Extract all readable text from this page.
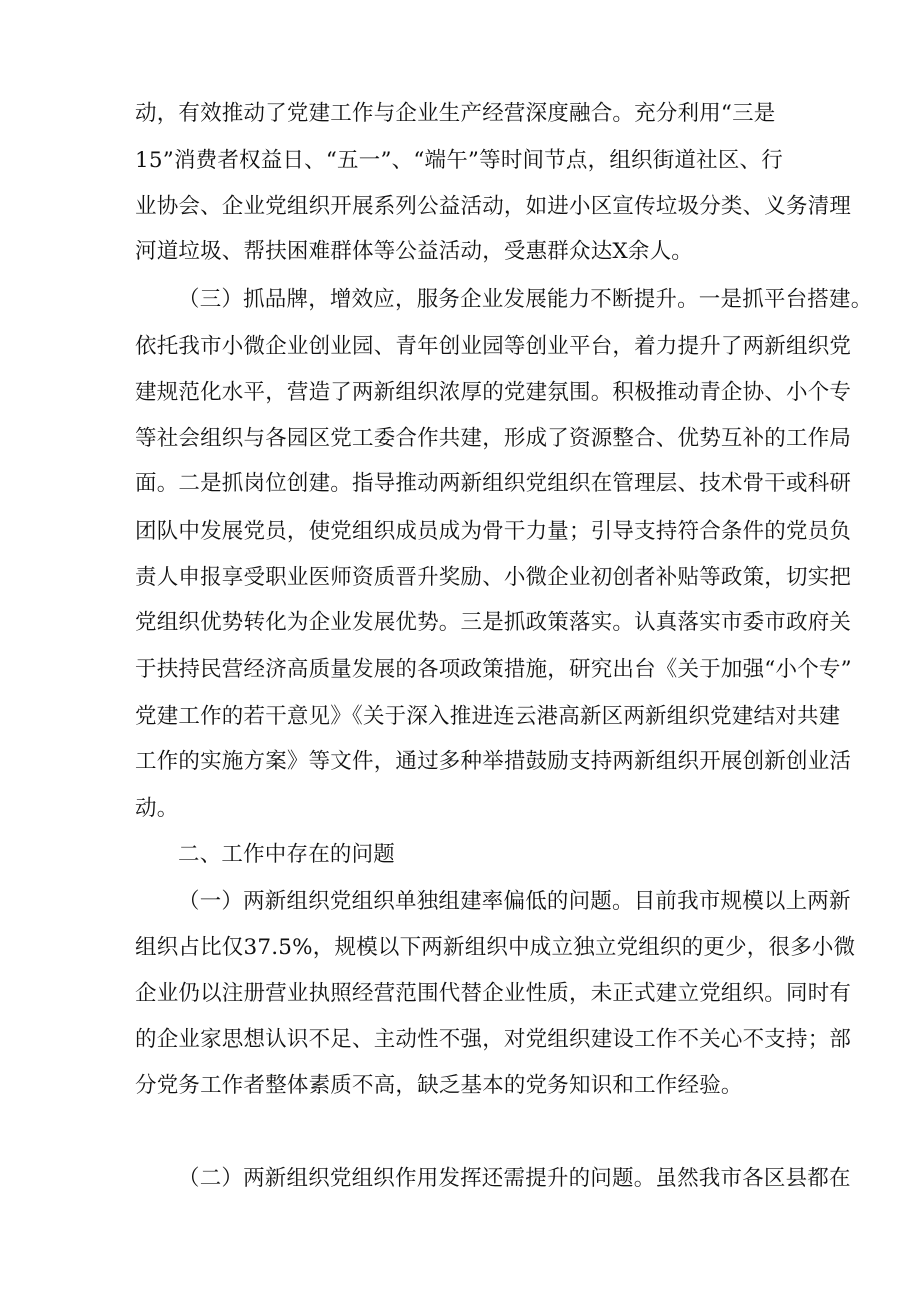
动，有效推动了党建工作与企业生产经营深度融合。充分利用“三是
15”消费者权益日、“五一”、“端午”等时间节点，组织街道社区、行
业协会、企业党组织开展系列公益活动，如进小区宣传垃圾分类、义务清理
河道垃圾、帮扶困难群体等公益活动，受惠群众达X余人。
（三）抓品牌，增效应，服务企业发展能力不断提升。一是抓平台搭建。
依托我市小微企业创业园、青年创业园等创业平台，着力提升了两新组织党
建规范化水平，营造了两新组织浓厚的党建氛围。积极推动青企协、小个专
等社会组织与各园区党工委合作共建，形成了资源整合、优势互补的工作局
面。二是抓岗位创建。指导推动两新组织党组织在管理层、技术骨干或科研
团队中发展党员，使党组织成员成为骨干力量；引导支持符合条件的党员负
责人申报享受职业医师资质晋升奖励、小微企业初创者补贴等政策，切实把
党组织优势转化为企业发展优势。三是抓政策落实。认真落实市委市政府关
于扶持民营经济高质量发展的各项政策措施，研究出台《关于加强“小个专”
党建工作的若干意见》《关于深入推进连云港高新区两新组织党建结对共建
工作的实施方案》等文件，通过多种举措鼓励支持两新组织开展创新创业活
动。
二、工作中存在的问题
（一）两新组织党组织单独组建率偏低的问题。目前我市规模以上两新
组织占比仅37.5%，规模以下两新组织中成立独立党组织的更少，很多小微
企业仍以注册营业执照经营范围代替企业性质，未正式建立党组织。同时有
的企业家思想认识不足、主动性不强，对党组织建设工作不关心不支持；部
分党务工作者整体素质不高，缺乏基本的党务知识和工作经验。
（二）两新组织党组织作用发挥还需提升的问题。虽然我市各区县都在
